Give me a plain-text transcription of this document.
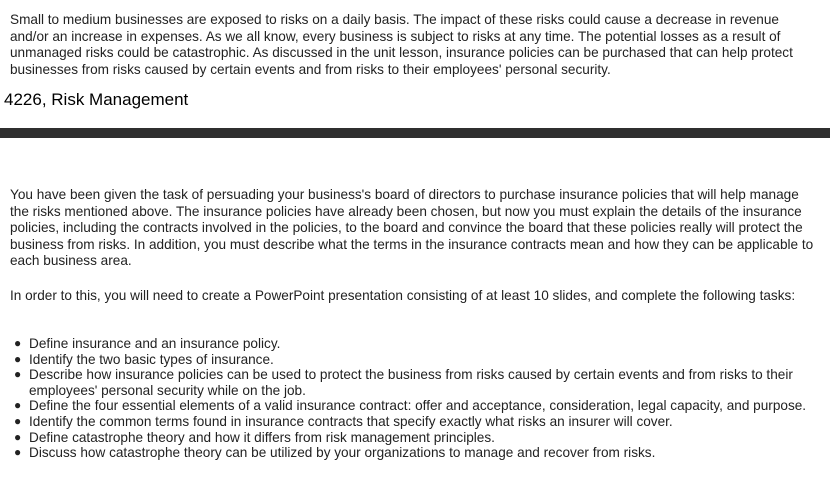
Small to medium businesses are exposed to risks on a daily basis. The impact of these risks could cause a decrease in revenue and/or an increase in expenses. As we all know, every business is subject to risks at any time. The potential losses as a result of unmanaged risks could be catastrophic. As discussed in the unit lesson, insurance policies can be purchased that can help protect businesses from risks caused by certain events and from risks to their employees' personal security.

4226, Risk Management

You have been given the task of persuading your business's board of directors to purchase insurance policies that will help manage the risks mentioned above. The insurance policies have already been chosen, but now you must explain the details of the insurance policies, including the contracts involved in the policies, to the board and convince the board that these policies really will protect the business from risks. In addition, you must describe what the terms in the insurance contracts mean and how they can be applicable to each business area.

In order to this, you will need to create a PowerPoint presentation consisting of at least 10 slides, and complete the following tasks:

● Define insurance and an insurance policy.
● Identify the two basic types of insurance.
● Describe how insurance policies can be used to protect the business from risks caused by certain events and from risks to their employees' personal security while on the job.
● Define the four essential elements of a valid insurance contract: offer and acceptance, consideration, legal capacity, and purpose.
● Identify the common terms found in insurance contracts that specify exactly what risks an insurer will cover.
● Define catastrophe theory and how it differs from risk management principles.
● Discuss how catastrophe theory can be utilized by your organizations to manage and recover from risks.
